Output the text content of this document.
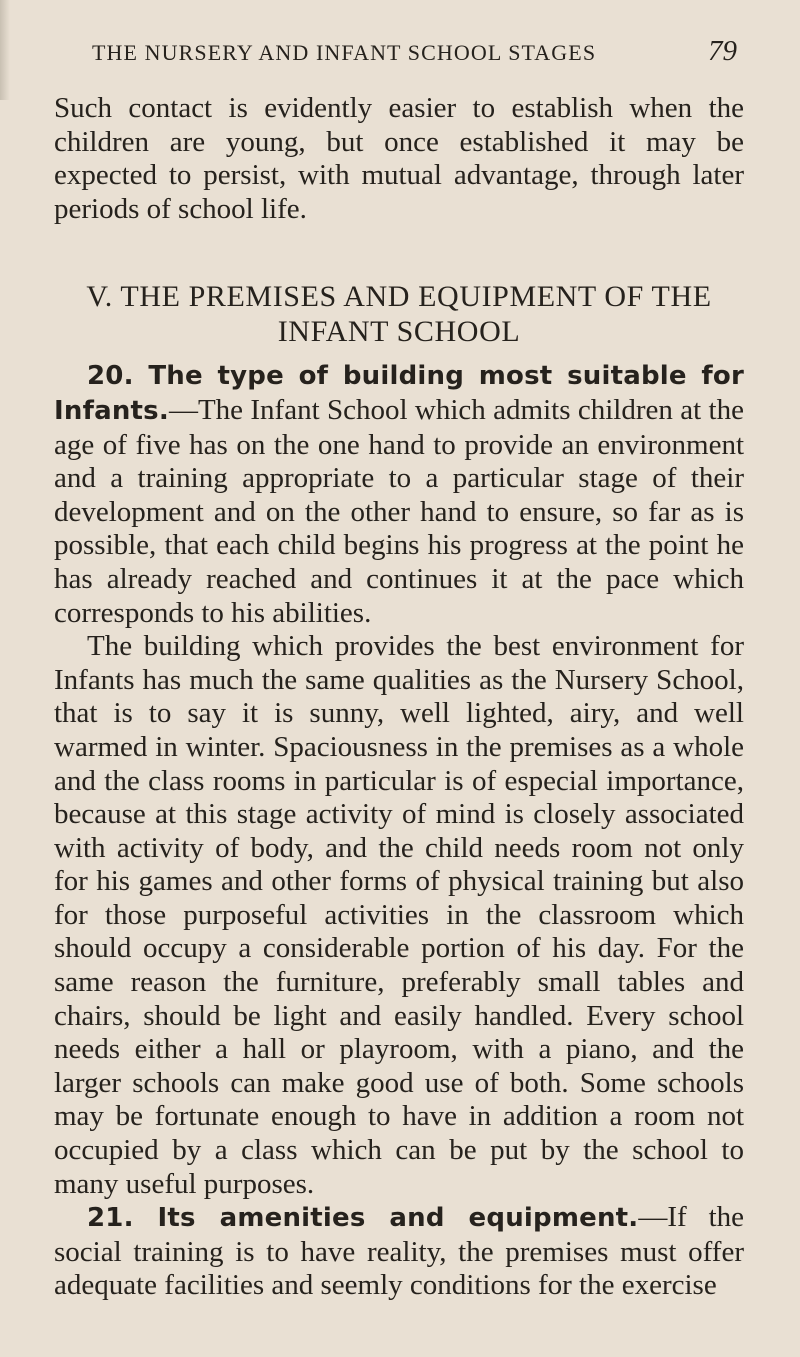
THE NURSERY AND INFANT SCHOOL STAGES	79

Such contact is evidently easier to establish when the children are young, but once established it may be expected to persist, with mutual advantage, through later periods of school life.

V. THE PREMISES AND EQUIPMENT OF THE
INFANT SCHOOL

20. The type of building most suitable for Infants.—The Infant School which admits children at the age of five has on the one hand to provide an environment and a training appropriate to a particular stage of their development and on the other hand to ensure, so far as is possible, that each child begins his progress at the point he has already reached and continues it at the pace which corresponds to his abilities.

The building which provides the best environment for Infants has much the same qualities as the Nursery School, that is to say it is sunny, well lighted, airy, and well warmed in winter. Spaciousness in the premises as a whole and the class rooms in particular is of especial importance, because at this stage activity of mind is closely associated with activity of body, and the child needs room not only for his games and other forms of physical training but also for those purposeful activities in the classroom which should occupy a considerable portion of his day. For the same reason the furniture, preferably small tables and chairs, should be light and easily handled. Every school needs either a hall or playroom, with a piano, and the larger schools can make good use of both. Some schools may be fortunate enough to have in addition a room not occupied by a class which can be put by the school to many useful purposes.

21. Its amenities and equipment.—If the social training is to have reality, the premises must offer adequate facilities and seemly conditions for the exercise
